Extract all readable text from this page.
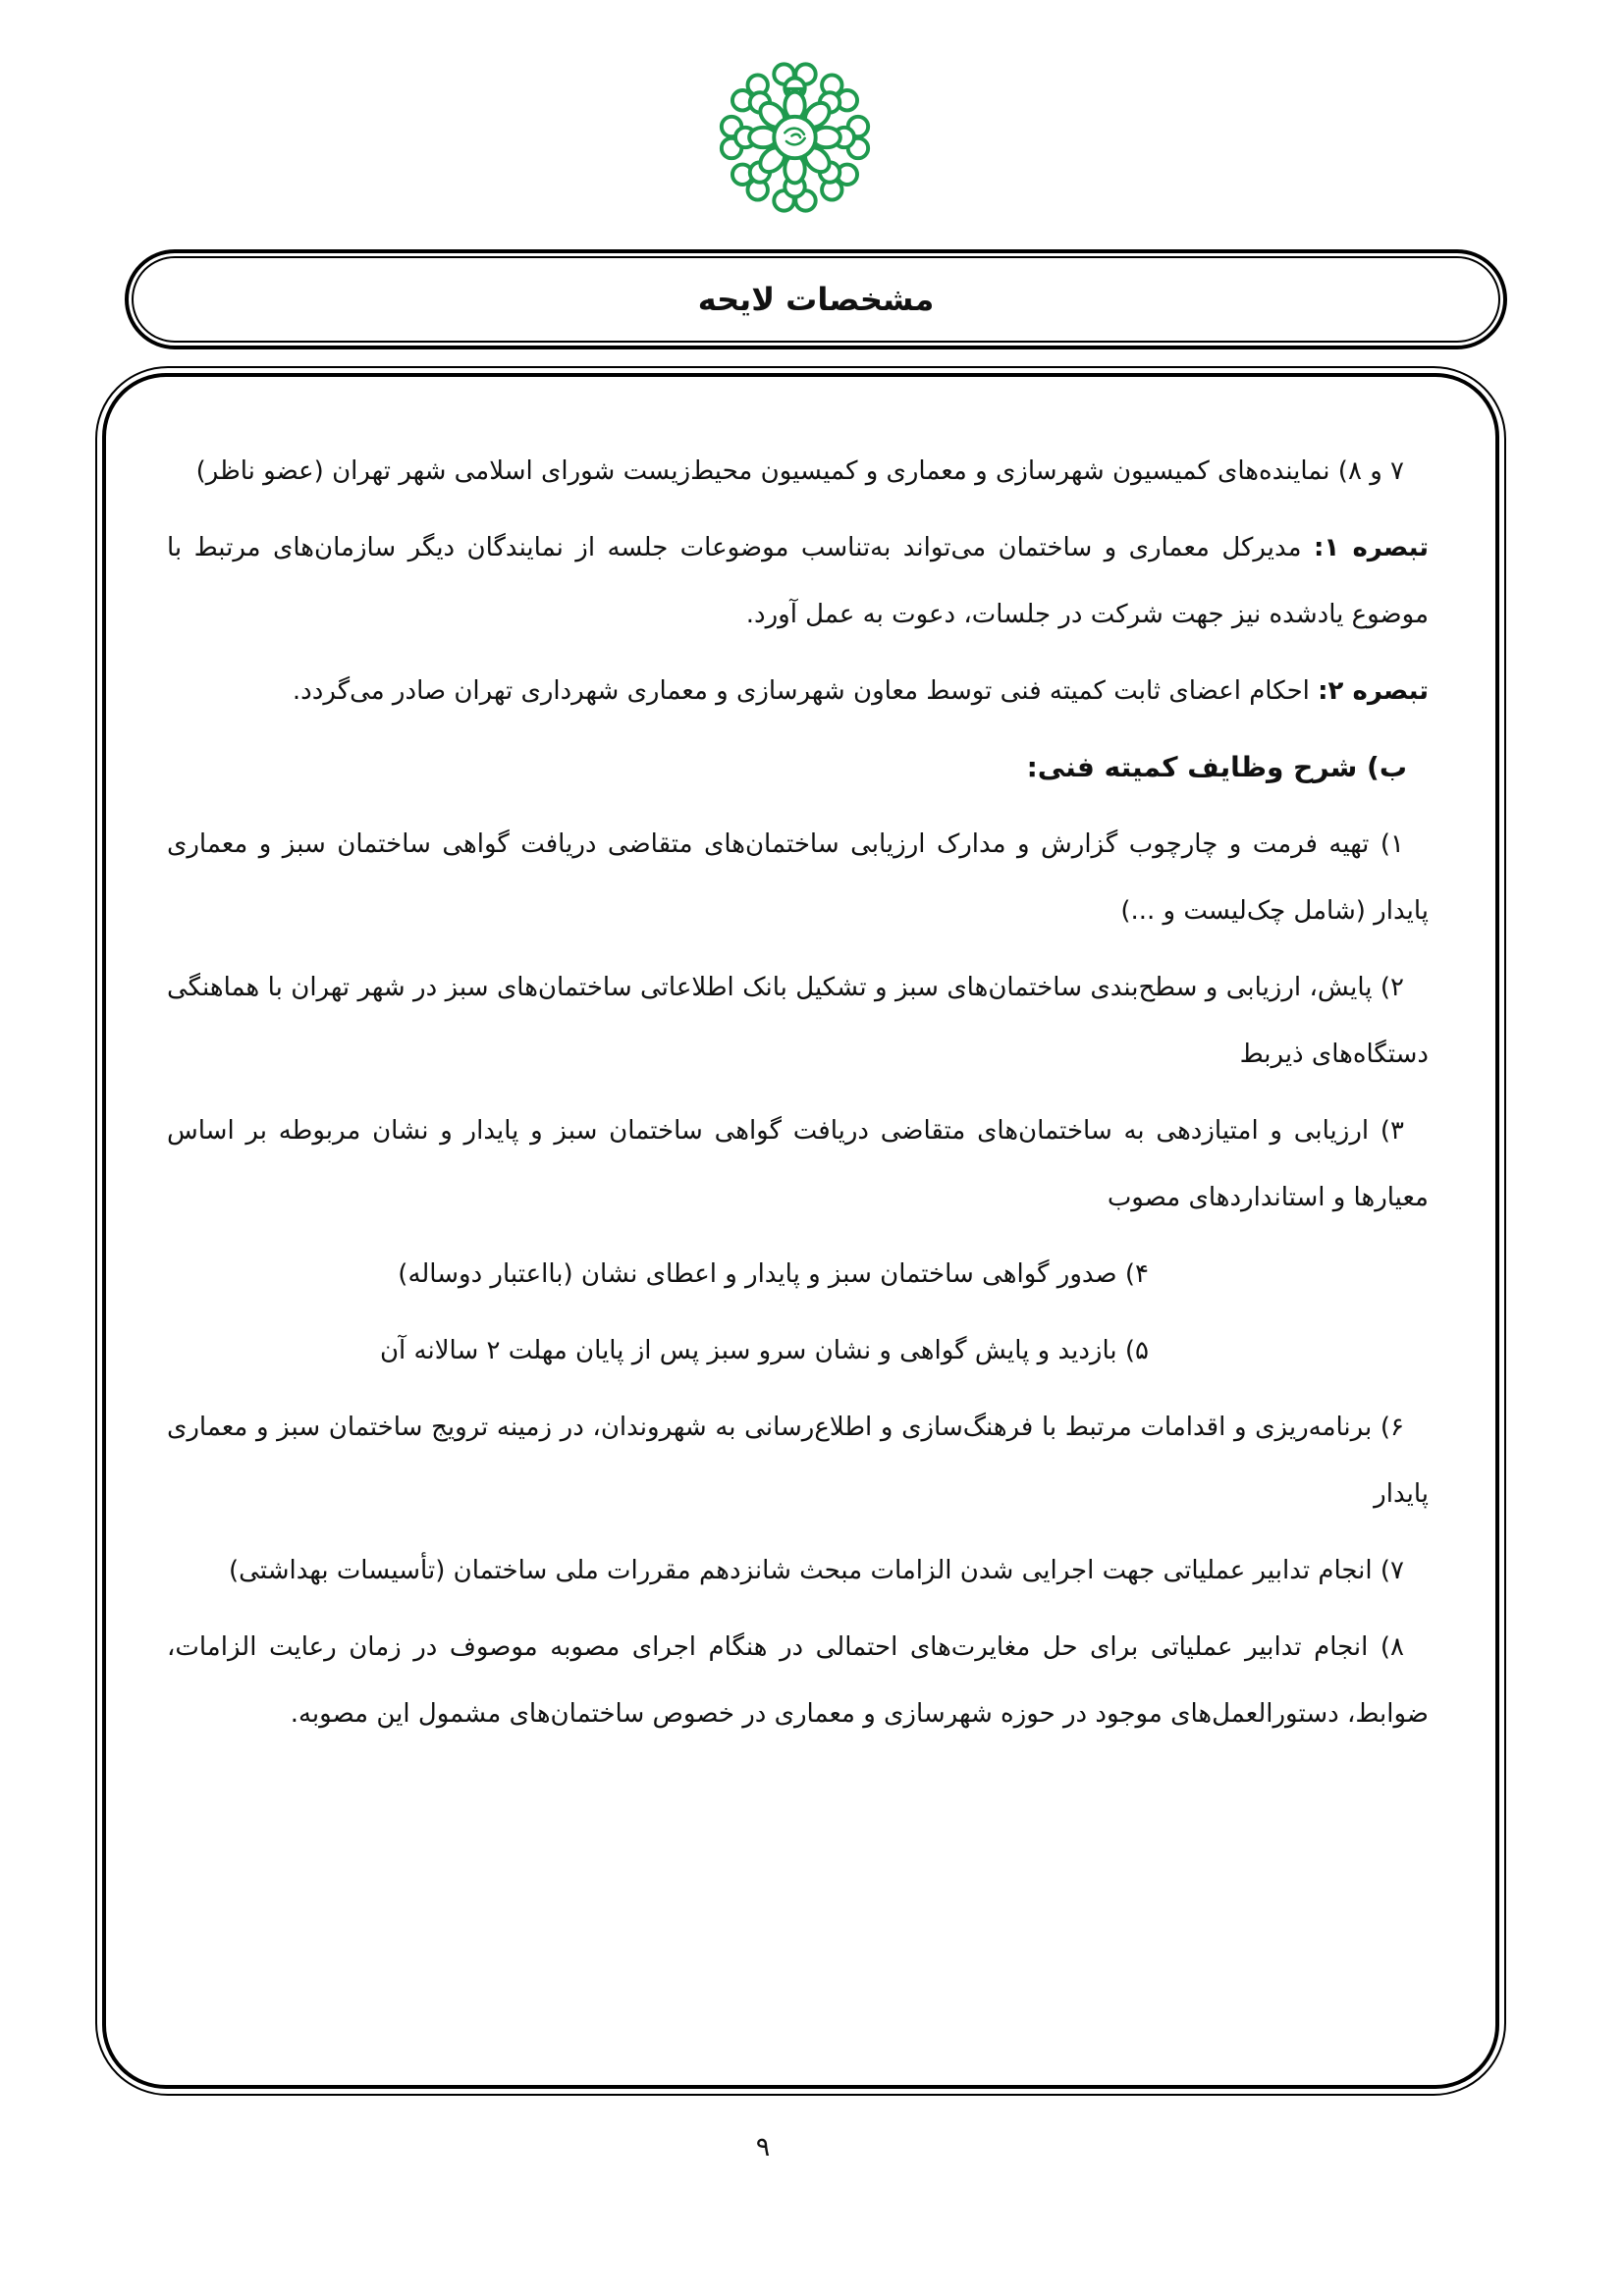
مشخصات لایحه

۷ و ۸) نماینده‌های کمیسیون شهرسازی و معماری و کمیسیون محیط‌زیست شورای اسلامی شهر تهران (عضو ناظر)

تبصره ۱: مدیرکل معماری و ساختمان می‌تواند به‌تناسب موضوعات جلسه از نمایندگان دیگر سازمان‌های مرتبط با موضوع یادشده نیز جهت شرکت در جلسات، دعوت به عمل آورد.

تبصره ۲: احکام اعضای ثابت کمیته فنی توسط معاون شهرسازی و معماری شهرداری تهران صادر می‌گردد.

ب) شرح وظایف کمیته فنی:

۱) تهیه فرمت و چارچوب گزارش و مدارک ارزیابی ساختمان‌های متقاضی دریافت گواهی ساختمان سبز و معماری پایدار (شامل چک‌لیست و ...)

۲) پایش، ارزیابی و سطح‌بندی ساختمان‌های سبز و تشکیل بانک اطلاعاتی ساختمان‌های سبز در شهر تهران با هماهنگی دستگاه‌های ذیربط

۳) ارزیابی و امتیازدهی به ساختمان‌های متقاضی دریافت گواهی ساختمان سبز و پایدار و نشان مربوطه بر اساس معیارها و استانداردهای مصوب

۴) صدور گواهی ساختمان سبز و پایدار و اعطای نشان (بااعتبار دوساله)

۵) بازدید و پایش گواهی و نشان سرو سبز پس از پایان مهلت ۲ سالانه آن

۶) برنامه‌ریزی و اقدامات مرتبط با فرهنگ‌سازی و اطلاع‌رسانی به شهروندان، در زمینه ترویج ساختمان سبز و معماری پایدار

۷) انجام تدابیر عملیاتی جهت اجرایی شدن الزامات مبحث شانزدهم مقررات ملی ساختمان (تأسیسات بهداشتی)

۸) انجام تدابیر عملیاتی برای حل مغایرت‌های احتمالی در هنگام اجرای مصوبه موصوف در زمان رعایت الزامات، ضوابط، دستورالعمل‌های موجود در حوزه شهرسازی و معماری در خصوص ساختمان‌های مشمول این مصوبه.

۹
